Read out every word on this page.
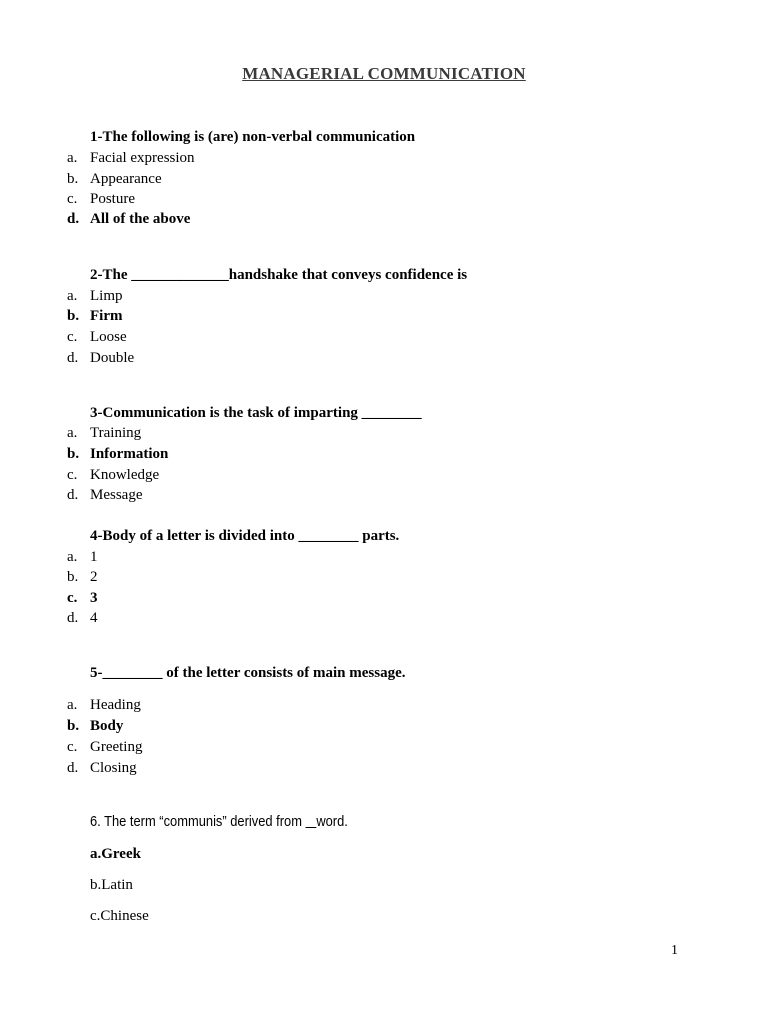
MANAGERIAL COMMUNICATION
1-The following is (are) non-verbal communication
a. Facial expression
b. Appearance
c. Posture
d. All of the above
2-The _____________handshake that conveys confidence is
a. Limp
b. Firm
c. Loose
d. Double
3-Communication is the task of imparting ________
a. Training
b. Information
c. Knowledge
d. Message
4-Body of a letter is divided into ________ parts.
a. 1
b. 2
c. 3
d. 4
5-________ of the letter consists of main message.
a. Heading
b. Body
c. Greeting
d. Closing
6. The term “communis” derived from    word.
a.Greek
b.Latin
c.Chinese
1
